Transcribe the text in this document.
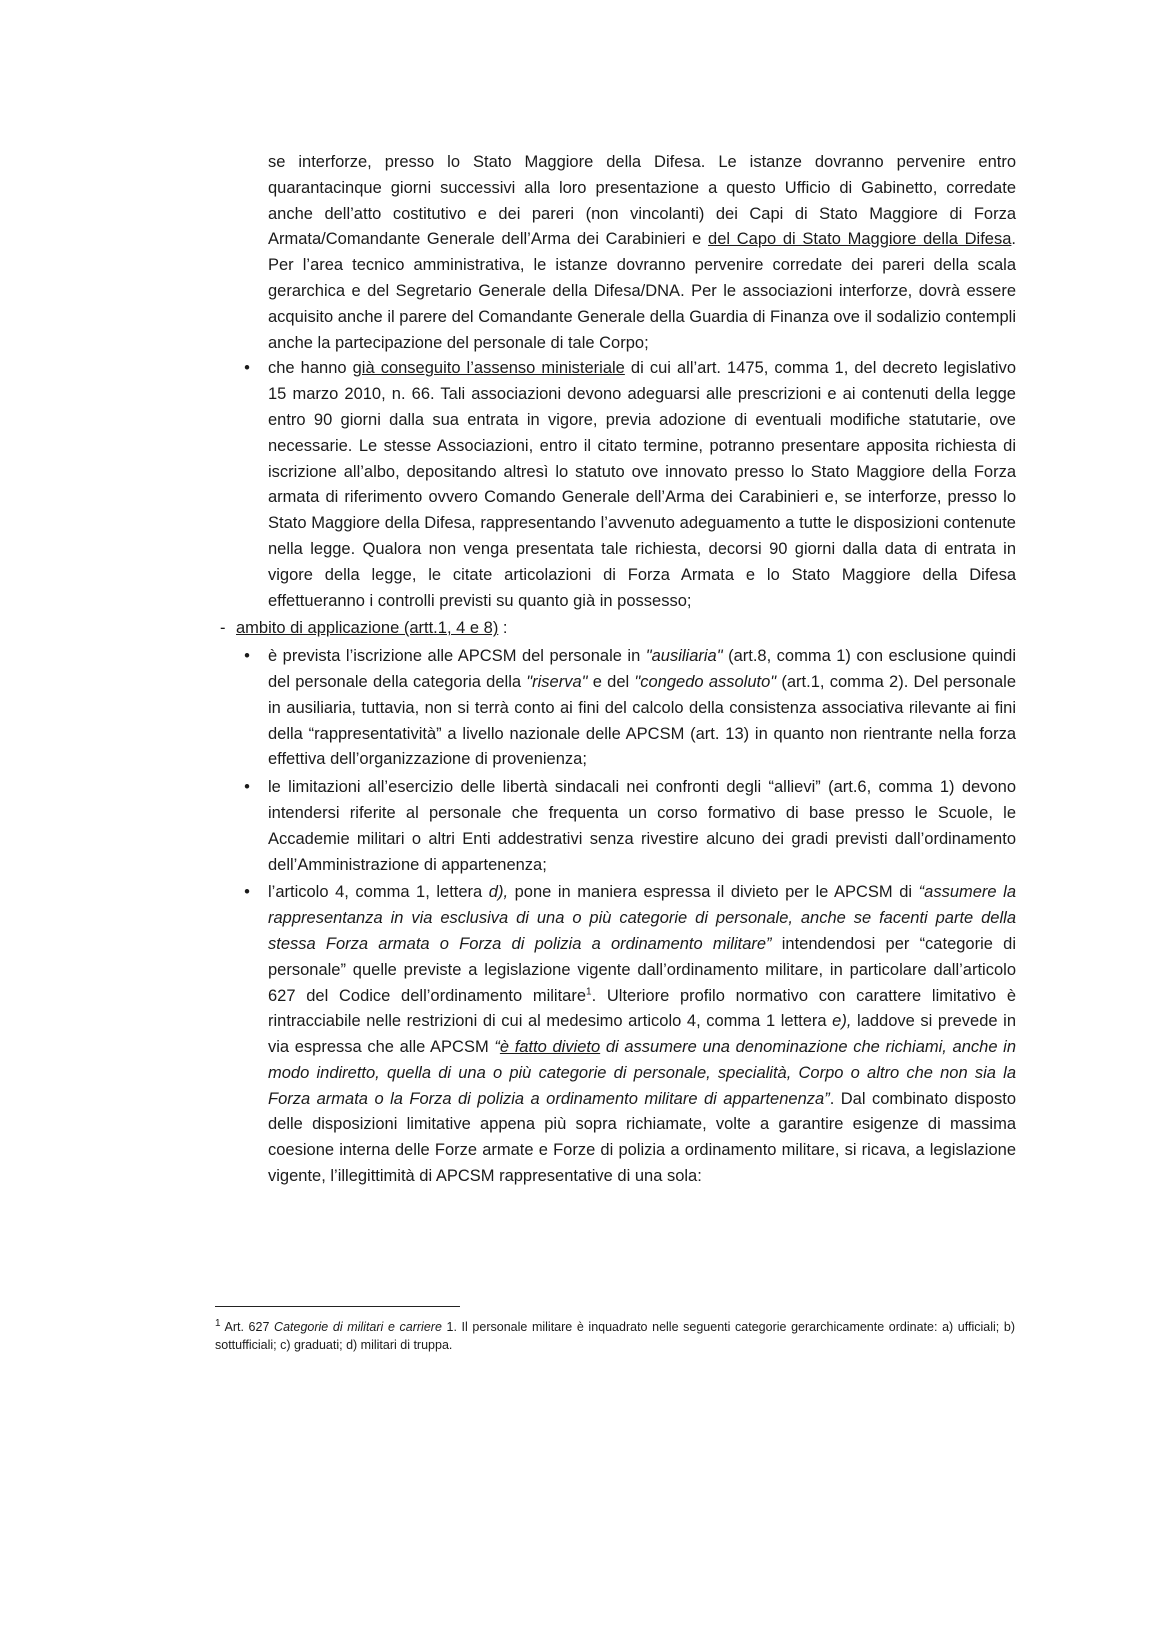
se interforze, presso lo Stato Maggiore della Difesa. Le istanze dovranno pervenire entro quarantacinque giorni successivi alla loro presentazione a questo Ufficio di Gabinetto, corredate anche dell’atto costitutivo e dei pareri (non vincolanti) dei Capi di Stato Maggiore di Forza Armata/Comandante Generale dell’Arma dei Carabinieri e del Capo di Stato Maggiore della Difesa. Per l’area tecnico amministrativa, le istanze dovranno pervenire corredate dei pareri della scala gerarchica e del Segretario Generale della Difesa/DNA. Per le associazioni interforze, dovrà essere acquisito anche il parere del Comandante Generale della Guardia di Finanza ove il sodalizio contempli anche la partecipazione del personale di tale Corpo;

• che hanno già conseguito l’assenso ministeriale di cui all’art. 1475, comma 1, del decreto legislativo 15 marzo 2010, n. 66. Tali associazioni devono adeguarsi alle prescrizioni e ai contenuti della legge entro 90 giorni dalla sua entrata in vigore, previa adozione di eventuali modifiche statutarie, ove necessarie. Le stesse Associazioni, entro il citato termine, potranno presentare apposita richiesta di iscrizione all’albo, depositando altresì lo statuto ove innovato presso lo Stato Maggiore della Forza armata di riferimento ovvero Comando Generale dell’Arma dei Carabinieri e, se interforze, presso lo Stato Maggiore della Difesa, rappresentando l’avvenuto adeguamento a tutte le disposizioni contenute nella legge. Qualora non venga presentata tale richiesta, decorsi 90 giorni dalla data di entrata in vigore della legge, le citate articolazioni di Forza Armata e lo Stato Maggiore della Difesa effettueranno i controlli previsti su quanto già in possesso;
- ambito di applicazione (artt.1, 4 e 8) :
• è prevista l’iscrizione alle APCSM del personale in "ausiliaria" (art.8, comma 1) con esclusione quindi del personale della categoria della "riserva" e del "congedo assoluto" (art.1, comma 2). Del personale in ausiliaria, tuttavia, non si terrà conto ai fini del calcolo della consistenza associativa rilevante ai fini della “rappresentatività” a livello nazionale delle APCSM (art. 13) in quanto non rientrante nella forza effettiva dell’organizzazione di provenienza;
• le limitazioni all’esercizio delle libertà sindacali nei confronti degli “allievi” (art.6, comma 1) devono intendersi riferite al personale che frequenta un corso formativo di base presso le Scuole, le Accademie militari o altri Enti addestrativi senza rivestire alcuno dei gradi previsti dall’ordinamento dell’Amministrazione di appartenenza;
• l’articolo 4, comma 1, lettera d), pone in maniera espressa il divieto per le APCSM di “assumere la rappresentanza in via esclusiva di una o più categorie di personale, anche se facenti parte della stessa Forza armata o Forza di polizia a ordinamento militare” intendendosi per “categorie di personale” quelle previste a legislazione vigente dall’ordinamento militare, in particolare dall’articolo 627 del Codice dell’ordinamento militare$^1$. Ulteriore profilo normativo con carattere limitativo è rintracciabile nelle restrizioni di cui al medesimo articolo 4, comma 1 lettera e), laddove si prevede in via espressa che alle APCSM “è fatto divieto di assumere una denominazione che richiami, anche in modo indiretto, quella di una o più categorie di personale, specialità, Corpo o altro che non sia la Forza armata o la Forza di polizia a ordinamento militare di appartenenza”. Dal combinato disposto delle disposizioni limitative appena più sopra richiamate, volte a garantire esigenze di massima coesione interna delle Forze armate e Forze di polizia a ordinamento militare, si ricava, a legislazione vigente, l’illegittimità di APCSM rappresentative di una sola:
$^1$ Art. 627 Categorie di militari e carriere 1. Il personale militare è inquadrato nelle seguenti categorie gerarchicamente ordinate: a) ufficiali; b) sottufficiali; c) graduati; d) militari di truppa.
